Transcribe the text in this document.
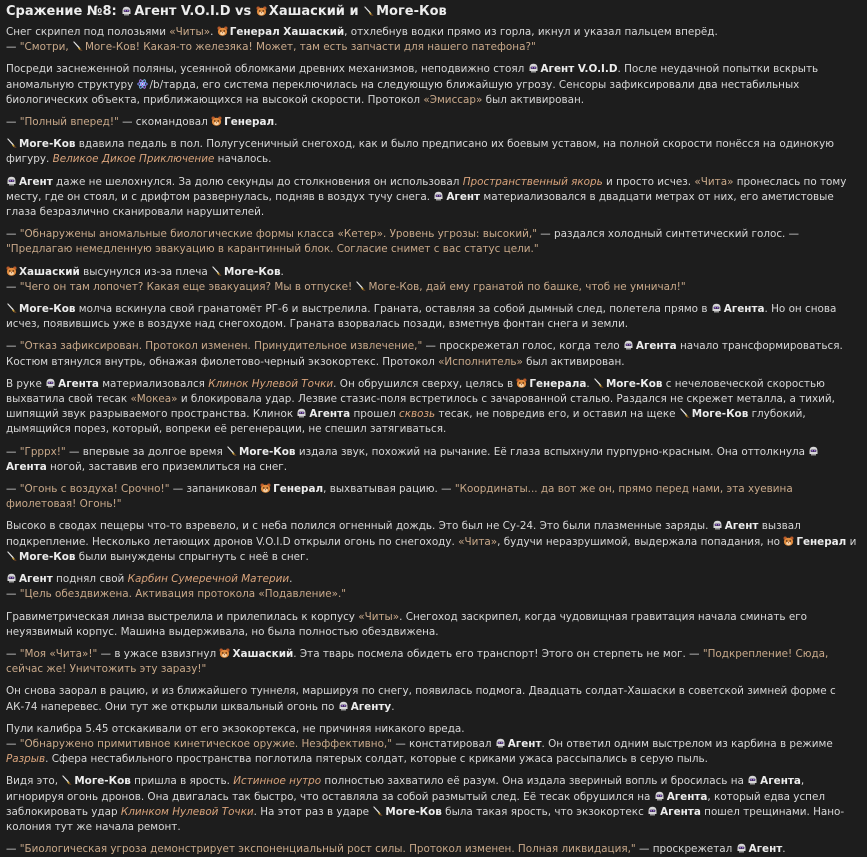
Сражение №8:
Агент V.O.I.D vs
Хашаский и
Моге-Ков

Снег скрипел под полозьями «Читы».
Генерал Хашаский, отхлебнув водки прямо из горла, икнул и указал пальцем вперёд.
— "Смотри,
Моге-Ков! Какая-то железяка! Может, там есть запчасти для нашего патефона?"

Посреди заснеженной поляны, усеянной обломками древних механизмов, неподвижно стоял
Агент V.O.I.D. После неудачной попытки вскрыть аномальную структуру
/b/тарда, его система переключилась на следующую ближайшую угрозу. Сенсоры зафиксировали два нестабильных биологических объекта, приближающихся на высокой скорости. Протокол «Эмиссар» был активирован.

— "Полный вперед!" — скомандовал
Генерал.

Моге-Ков вдавила педаль в пол. Полугусеничный снегоход, как и было предписано их боевым уставом, на полной скорости понёсся на одинокую фигуру. Великое Дикое Приключение началось.

Агент даже не шелохнулся. За долю секунды до столкновения он использовал Пространственный якорь и просто исчез. «Чита» пронеслась по тому месту, где он стоял, и с дрифтом развернулась, подняв в воздух тучу снега.
Агент материализовался в двадцати метрах от них, его аметистовые глаза безразлично сканировали нарушителей.

— "Обнаружены аномальные биологические формы класса «Кетер». Уровень угрозы: высокий," — раздался холодный синтетический голос. — "Предлагаю немедленную эвакуацию в карантинный блок. Согласие снимет с вас статус цели."

Хашаский высунулся из-за плеча
Моге-Ков.
— "Чего он там лопочет? Какая еще эвакуация? Мы в отпуске!
Моге-Ков, дай ему гранатой по башке, чтоб не умничал!"

Моге-Ков молча вскинула свой гранатомёт РГ-6 и выстрелила. Граната, оставляя за собой дымный след, полетела прямо в
Агента. Но он снова исчез, появившись уже в воздухе над снегоходом. Граната взорвалась позади, взметнув фонтан снега и земли.

— "Отказ зафиксирован. Протокол изменен. Принудительное извлечение," — проскрежетал голос, когда тело
Агента начало трансформироваться. Костюм втянулся внутрь, обнажая фиолетово-черный экзокортекс. Протокол «Исполнитель» был активирован.

В руке
Агента материализовался Клинок Нулевой Точки. Он обрушился сверху, целясь в
Генерала.
Моге-Ков с нечеловеческой скоростью выхватила свой тесак «Мокеа» и блокировала удар. Лезвие стазис-поля встретилось с зачарованной сталью. Раздался не скрежет металла, а тихий, шипящий звук разрываемого пространства. Клинок
Агента прошел сквозь тесак, не повредив его, и оставил на щеке
Моге-Ков глубокий, дымящийся порез, который, вопреки её регенерации, не спешил затягиваться.

— "Грррх!" — впервые за долгое время
Моге-Ков издала звук, похожий на рычание. Её глаза вспыхнули пурпурно-красным. Она оттолкнула
Агента ногой, заставив его приземлиться на снег.

— "Огонь с воздуха! Срочно!" — запаниковал
Генерал, выхватывая рацию. — "Координаты... да вот же он, прямо перед нами, эта хуевина фиолетовая! Огонь!"

Высоко в сводах пещеры что-то взревело, и с неба полился огненный дождь. Это был не Су-24. Это были плазменные заряды.
Агент вызвал подкрепление. Несколько летающих дронов V.O.I.D открыли огонь по снегоходу. «Чита», будучи неразрушимой, выдержала попадания, но
Генерал и
Моге-Ков были вынуждены спрыгнуть с неё в снег.

Агент поднял свой Карбин Сумеречной Материи.
— "Цель обездвижена. Активация протокола «Подавление»."

Гравиметрическая линза выстрелила и прилепилась к корпусу «Читы». Снегоход заскрипел, когда чудовищная гравитация начала сминать его неуязвимый корпус. Машина выдерживала, но была полностью обездвижена.

— "Моя «Чита»!" — в ужасе взвизгнул
Хашаский. Эта тварь посмела обидеть его транспорт! Этого он стерпеть не мог. — "Подкрепление! Сюда, сейчас же! Уничтожить эту заразу!"

Он снова заорал в рацию, и из ближайшего туннеля, маршируя по снегу, появилась подмога. Двадцать солдат-Хашаски в советской зимней форме с АК-74 наперевес. Они тут же открыли шквальный огонь по
Агенту.

Пули калибра 5.45 отскакивали от его экзокортекса, не причиняя никакого вреда.
— "Обнаружено примитивное кинетическое оружие. Неэффективно," — констатировал
Агент. Он ответил одним выстрелом из карбина в режиме Разрыв. Сфера нестабильного пространства поглотила пятерых солдат, которые с криками ужаса рассыпались в серую пыль.

Видя это,
Моге-Ков пришла в ярость. Истинное нутро полностью захватило её разум. Она издала звериный вопль и бросилась на
Агента, игнорируя огонь дронов. Она двигалась так быстро, что оставляла за собой размытый след. Её тесак обрушился на
Агента, который едва успел заблокировать удар Клинком Нулевой Точки. На этот раз в ударе
Моге-Ков была такая ярость, что экзокортекс
Агента пошел трещинами. Нано-колония тут же начала ремонт.

— "Биологическая угроза демонстрирует экспоненциальный рост силы. Протокол изменен. Полная ликвидация," — проскрежетал
Агент.
